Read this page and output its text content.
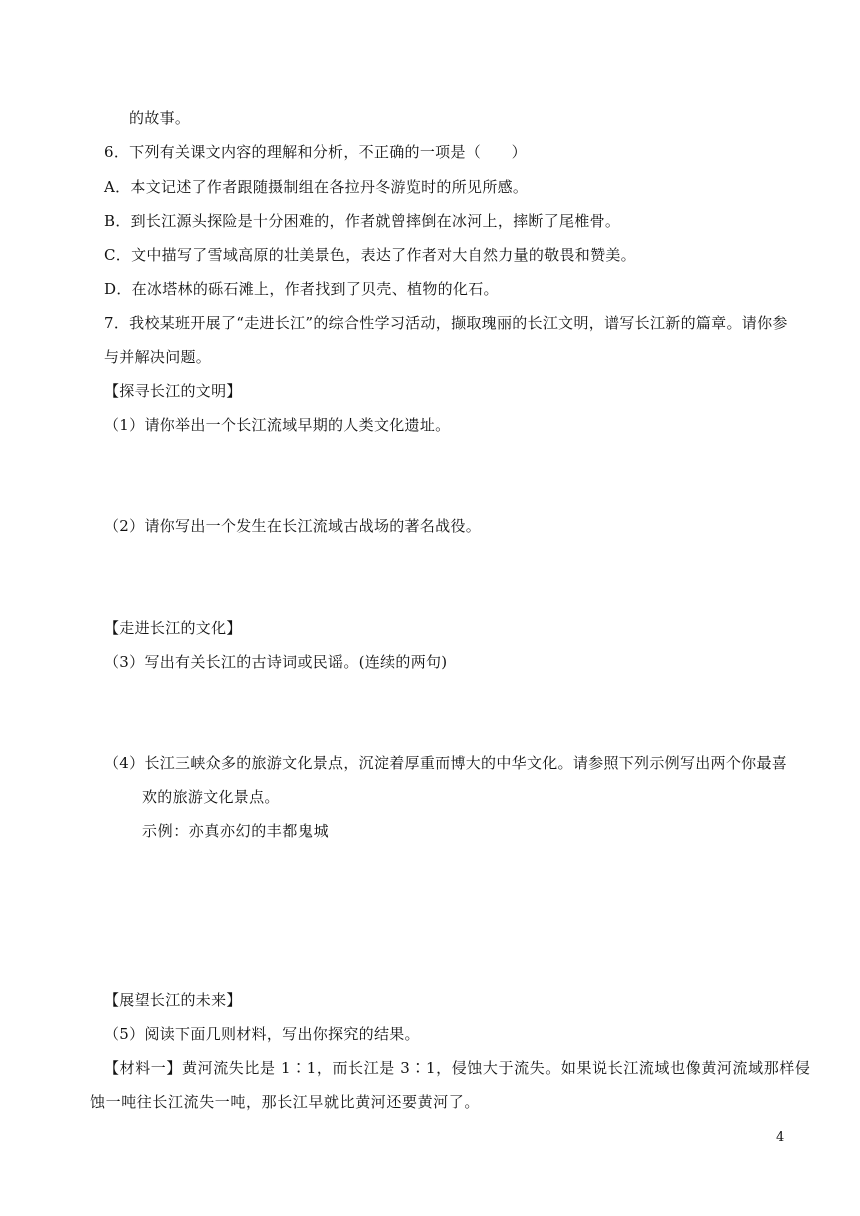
的故事。
6．下列有关课文内容的理解和分析，不正确的一项是（　　）
A．本文记述了作者跟随摄制组在各拉丹冬游览时的所见所感。
B．到长江源头探险是十分困难的，作者就曾摔倒在冰河上，摔断了尾椎骨。
C．文中描写了雪域高原的壮美景色，表达了作者对大自然力量的敬畏和赞美。
D．在冰塔林的砾石滩上，作者找到了贝壳、植物的化石。
7．我校某班开展了“走进长江”的综合性学习活动，撷取瑰丽的长江文明，谱写长江新的篇章。请你参
与并解决问题。
【探寻长江的文明】
（1）请你举出一个长江流域早期的人类文化遗址。
（2）请你写出一个发生在长江流域古战场的著名战役。
【走进长江的文化】
（3）写出有关长江的古诗词或民谣。(连续的两句)
（4）长江三峡众多的旅游文化景点，沉淀着厚重而博大的中华文化。请参照下列示例写出两个你最喜
欢的旅游文化景点。
示例：亦真亦幻的丰都鬼城
【展望长江的未来】
（5）阅读下面几则材料，写出你探究的结果。
【材料一】黄河流失比是 1∶1，而长江是 3∶1，侵蚀大于流失。如果说长江流域也像黄河流域那样侵
蚀一吨往长江流失一吨，那长江早就比黄河还要黄河了。
4
